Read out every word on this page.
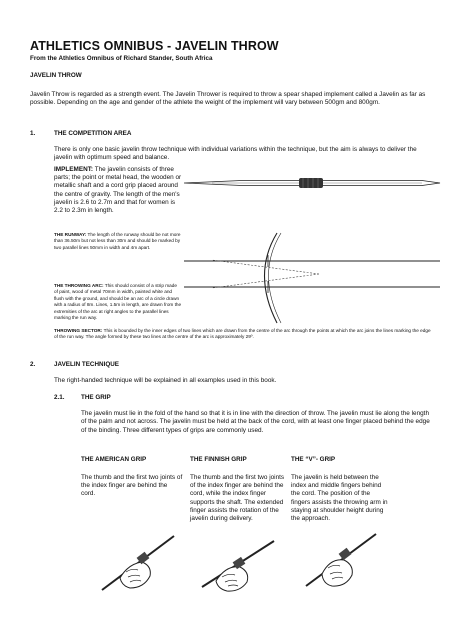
ATHLETICS OMNIBUS - JAVELIN THROW
From the Athletics Omnibus of Richard Stander, South Africa
JAVELIN THROW

Javelin Throw is regarded as a strength event. The Javelin Thrower is required to throw a spear shaped implement called a Javelin as far as possible. Depending on the age and gender of the athlete the weight of the implement will vary between 500gm and 800gm.

1.	THE COMPETITION AREA

There is only one basic javelin throw technique with individual variations within the technique, but the aim is always to deliver the javelin with optimum speed and balance.

IMPLEMENT: The javelin consists of three parts; the point or metal head, the wooden or metallic shaft and a cord grip placed around the centre of gravity. The length of the men's javelin is 2.6 to 2.7m and that for women is 2.2 to 2.3m in length.

THE RUNWAY: The length of the runway should be not more than 36.50m but not less than 30m and should be marked by two parallel lines 50mm in width and 4m apart.

THE THROWING ARC: This should consist of a strip made of paint, wood of metal 70mm in width, painted white and flush with the ground, and should be an arc of a circle drawn with a radius of 8m. Lines, 1.5m in length, are drawn from the extremities of the arc at right angles to the parallel lines marking the run way.

THROWING SECTOR: This is bounded by the inner edges of two lines which are drawn from the centre of the arc through the points at which the arc joins the lines marking the edge of the run way. The angle formed by these two lines at the centre of the arc is approximately 29º.

2.	JAVELIN TECHNIQUE

The right-handed technique will be explained in all examples used in this book.

2.1.	THE GRIP

The javelin must lie in the fold of the hand so that it is in line with the direction of throw. The javelin must lie along the length of the palm and not across. The javelin must be held at the back of the cord, with at least one finger placed behind the edge of the binding. Three different types of grips are commonly used.

THE AMERICAN GRIP	THE FINNISH GRIP	THE “V”- GRIP

The thumb and the first two joints of the index finger are behind the cord.

The thumb and the first two joints of the index finger are behind the cord, while the index finger supports the shaft. The extended finger assists the rotation of the javelin during delivery.

The javelin is held between the index and middle fingers behind the cord. The position of the fingers assists the throwing arm in staying at shoulder height during the approach.
